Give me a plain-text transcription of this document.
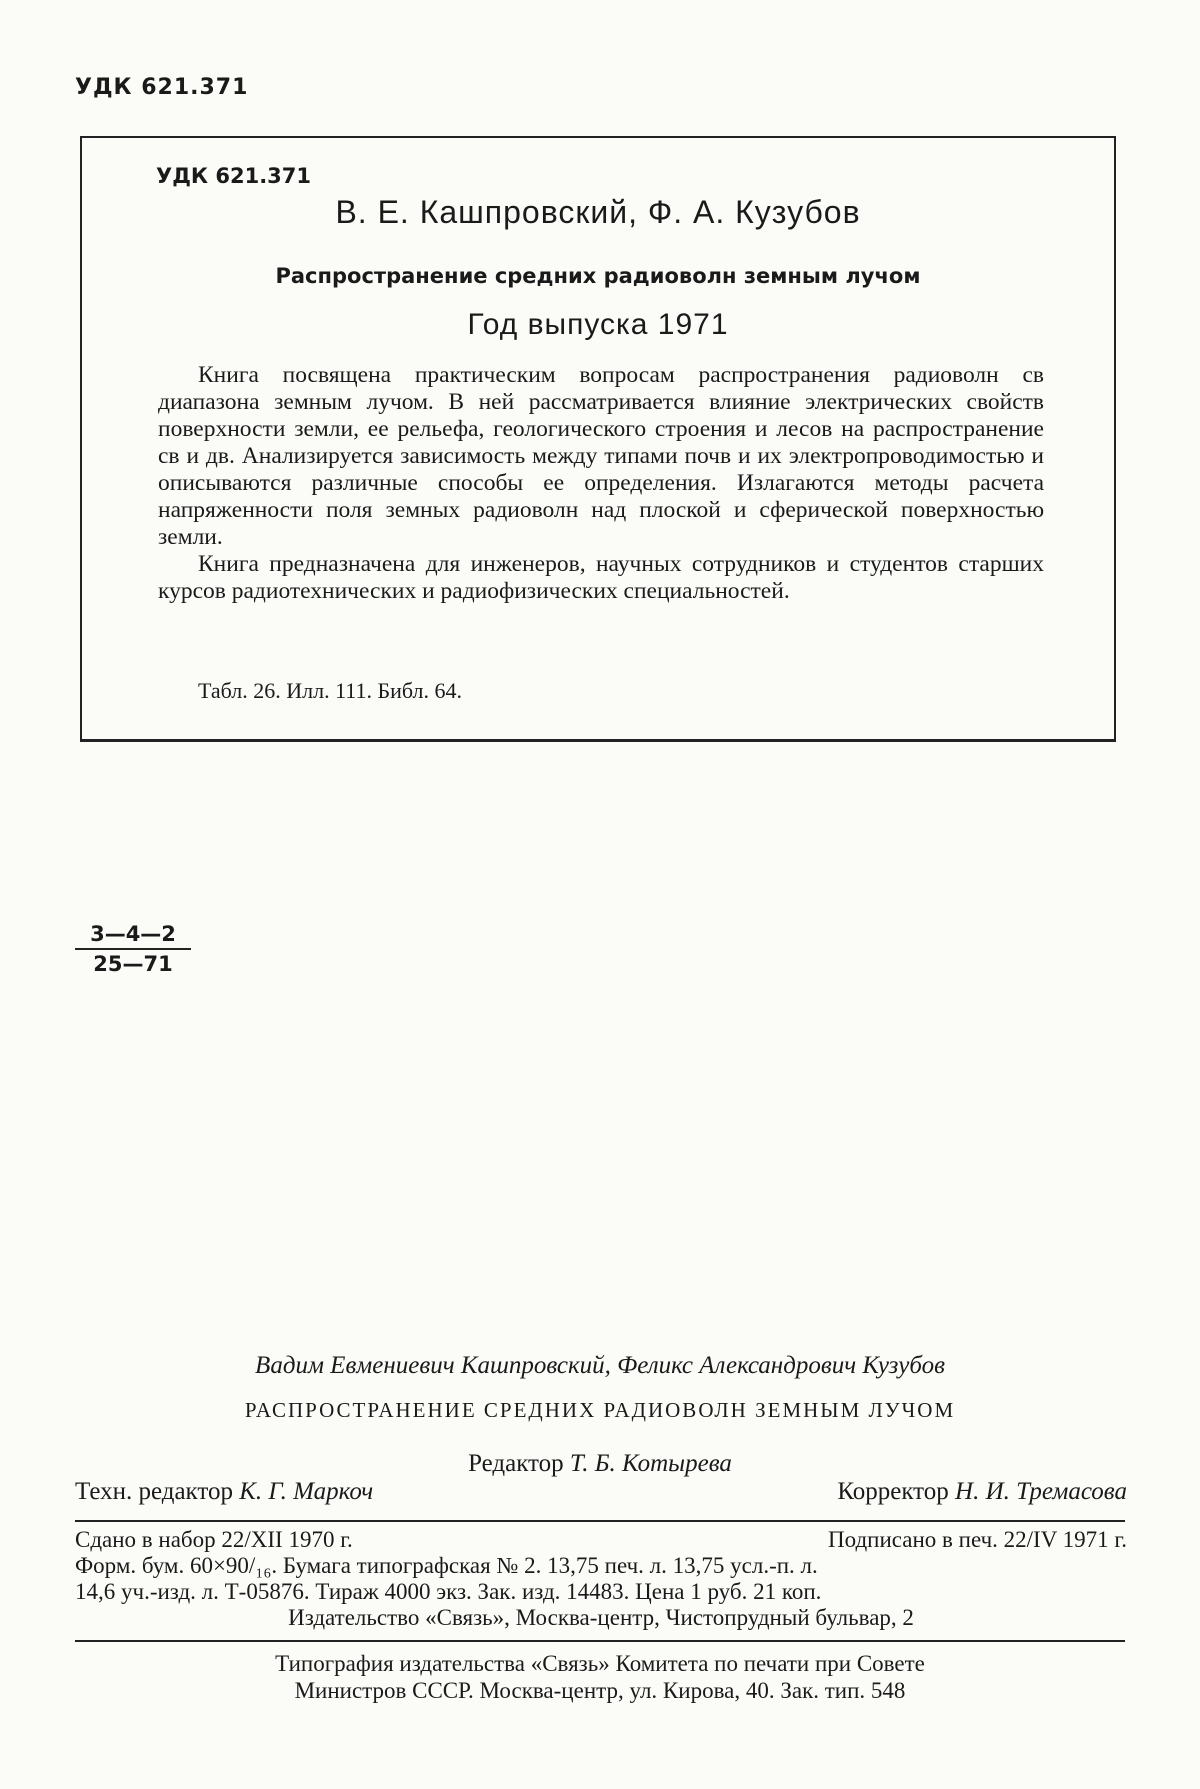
УДК 621.371
УДК 621.371
В. Е. Кашпровский, Ф. А. Кузубов
Распространение средних радиоволн земным лучом
Год выпуска 1971

Книга посвящена практическим вопросам распространения радиоволн св диапазона земным лучом. В ней рассматривается влияние электрических свойств поверхности земли, ее рельефа, геологического строения и лесов на распространение св и дв. Анализируется зависимость между типами почв и их электропроводимостью и описываются различные способы ее определения. Излагаются методы расчета напряженности поля земных радиоволн над плоской и сферической поверхностью земли.

Книга предназначена для инженеров, научных сотрудников и студентов старших курсов радиотехнических и радиофизических специальностей.

Табл. 26. Илл. 111. Библ. 64.
3—4—2
25—71
Вадим Евмениевич Кашпровский, Феликс Александрович Кузубов
РАСПРОСТРАНЕНИЕ СРЕДНИХ РАДИОВОЛН ЗЕМНЫМ ЛУЧОМ
Редактор Т. Б. Котырева
Техн. редактор К. Г. Маркоч	Корректор Н. И. Тремасова
Сдано в набор 22/XII 1970 г.	Подписано в печ. 22/IV 1971 г.
Форм. бум. 60×90/₁₆. Бумага типографская № 2. 13,75 печ. л. 13,75 усл.-п. л.
14,6 уч.-изд. л. Т-05876. Тираж 4000 экз. Зак. изд. 14483. Цена 1 руб. 21 коп.
Издательство «Связь», Москва-центр, Чистопрудный бульвар, 2
Типография издательства «Связь» Комитета по печати при Совете
Министров СССР. Москва-центр, ул. Кирова, 40. Зак. тип. 548
